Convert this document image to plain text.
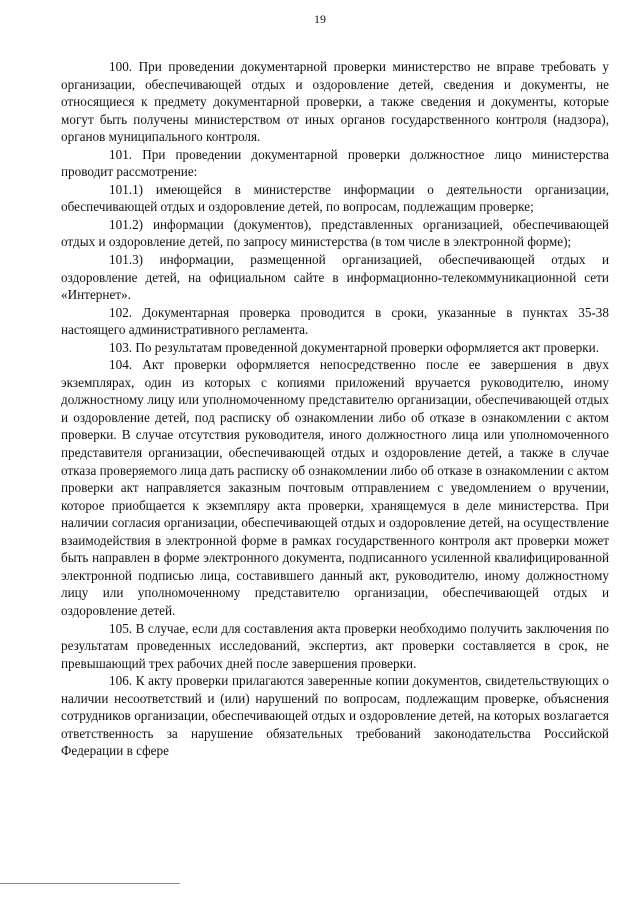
19

100. При проведении документарной проверки министерство не вправе требовать у организации, обеспечивающей отдых и оздоровление детей, сведения и документы, не относящиеся к предмету документарной проверки, а также сведения и документы, которые могут быть получены министерством от иных органов государственного контроля (надзора), органов муниципального контроля.

101. При проведении документарной проверки должностное лицо министерства проводит рассмотрение:

101.1) имеющейся в министерстве информации о деятельности организации, обеспечивающей отдых и оздоровление детей, по вопросам, подлежащим проверке;

101.2) информации (документов), представленных организацией, обеспечивающей отдых и оздоровление детей, по запросу министерства (в том числе в электронной форме);

101.3) информации, размещенной организацией, обеспечивающей отдых и оздоровление детей, на официальном сайте в информационно-телекоммуникационной сети «Интернет».

102. Документарная проверка проводится в сроки, указанные в пунктах 35-38 настоящего административного регламента.

103. По результатам проведенной документарной проверки оформляется акт проверки.

104. Акт проверки оформляется непосредственно после ее завершения в двух экземплярах, один из которых с копиями приложений вручается руководителю, иному должностному лицу или уполномоченному представителю организации, обеспечивающей отдых и оздоровление детей, под расписку об ознакомлении либо об отказе в ознакомлении с актом проверки. В случае отсутствия руководителя, иного должностного лица или уполномоченного представителя организации, обеспечивающей отдых и оздоровление детей, а также в случае отказа проверяемого лица дать расписку об ознакомлении либо об отказе в ознакомлении с актом проверки акт направляется заказным почтовым отправлением с уведомлением о вручении, которое приобщается к экземпляру акта проверки, хранящемуся в деле министерства. При наличии согласия организации, обеспечивающей отдых и оздоровление детей, на осуществление взаимодействия в электронной форме в рамках государственного контроля акт проверки может быть направлен в форме электронного документа, подписанного усиленной квалифицированной электронной подписью лица, составившего данный акт, руководителю, иному должностному лицу или уполномоченному представителю организации, обеспечивающей отдых и оздоровление детей.

105. В случае, если для составления акта проверки необходимо получить заключения по результатам проведенных исследований, экспертиз, акт проверки составляется в срок, не превышающий трех рабочих дней после завершения проверки.

106. К акту проверки прилагаются заверенные копии документов, свидетельствующих о наличии несоответствий и (или) нарушений по вопросам, подлежащим проверке, объяснения сотрудников организации, обеспечивающей отдых и оздоровление детей, на которых возлагается ответственность за нарушение обязательных требований законодательства Российской Федерации в сфере
